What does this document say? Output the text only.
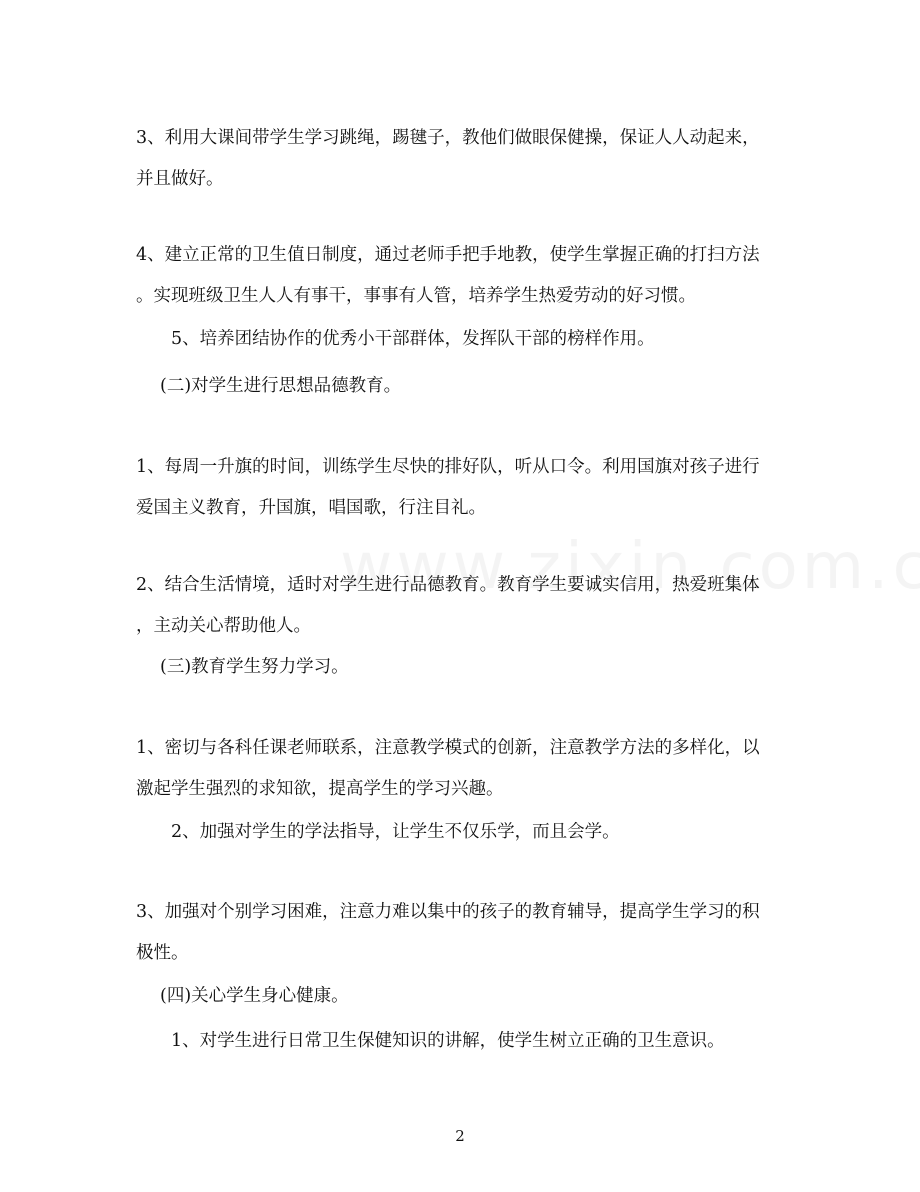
3、利用大课间带学生学习跳绳，踢毽子，教他们做眼保健操，保证人人动起来，
并且做好。
4、建立正常的卫生值日制度，通过老师手把手地教，使学生掌握正确的打扫方法
。实现班级卫生人人有事干，事事有人管，培养学生热爱劳动的好习惯。
5、培养团结协作的优秀小干部群体，发挥队干部的榜样作用。
(二)对学生进行思想品德教育。
1、每周一升旗的时间，训练学生尽快的排好队，听从口令。利用国旗对孩子进行
爱国主义教育，升国旗，唱国歌，行注目礼。
2、结合生活情境，适时对学生进行品德教育。教育学生要诚实信用，热爱班集体
，主动关心帮助他人。
(三)教育学生努力学习。
1、密切与各科任课老师联系，注意教学模式的创新，注意教学方法的多样化，以
激起学生强烈的求知欲，提高学生的学习兴趣。
2、加强对学生的学法指导，让学生不仅乐学，而且会学。
3、加强对个别学习困难，注意力难以集中的孩子的教育辅导，提高学生学习的积
极性。
(四)关心学生身心健康。
1、对学生进行日常卫生保健知识的讲解，使学生树立正确的卫生意识。
2
